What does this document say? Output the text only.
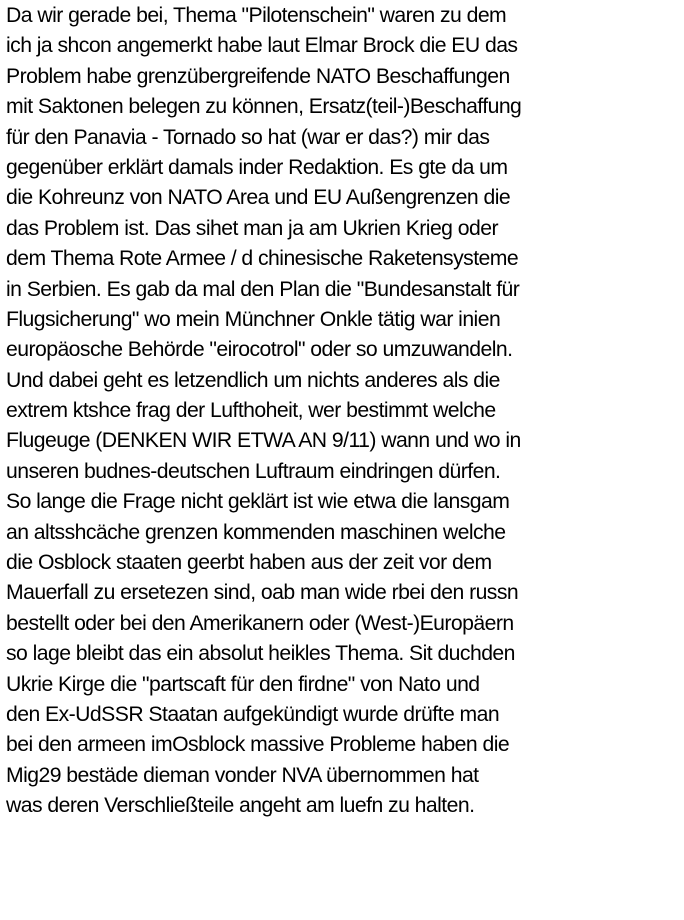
Da wir gerade bei, Thema "Pilotenschein" waren zu dem
ich ja shcon angemerkt habe laut Elmar Brock die EU das
Problem habe grenzübergreifende NATO Beschaffungen
mit Saktonen belegen zu können, Ersatz(teil-)Beschaffung
für den Panavia - Tornado so hat (war er das?) mir das
gegenüber erklärt damals inder Redaktion. Es gte da um
die Kohreunz von NATO Area und EU Außengrenzen die
das Problem ist. Das sihet man ja am Ukrien Krieg oder
dem Thema Rote Armee / d chinesische Raketensysteme
in Serbien. Es gab da mal den Plan die "Bundesanstalt für
Flugsicherung" wo mein Münchner Onkle tätig war inien
europäosche Behörde "eirocotrol" oder so umzuwandeln.
Und dabei geht es letzendlich um nichts anderes als die
extrem ktshce frag der Lufthoheit, wer bestimmt welche
Flugeuge (DENKEN WIR ETWA AN 9/11) wann und wo in
unseren budnes-deutschen Luftraum eindringen dürfen.
So lange die Frage nicht geklärt ist wie etwa die lansgam
an altsshcäche grenzen kommenden maschinen welche
die Osblock staaten geerbt haben aus der zeit vor dem
Mauerfall zu ersetezen sind, oab man wide rbei den russn
bestellt oder bei den Amerikanern oder (West-)Europäern
so lage bleibt das ein absolut heikles Thema. Sit duchden
Ukrie Kirge die "partscaft für den firdne" von Nato und
den Ex-UdSSR Staatan aufgekündigt wurde drüfte man
bei den armeen imOsblock massive Probleme haben die
Mig29 bestäde dieman vonder NVA übernommen hat
was deren Verschließteile angeht am luefn zu halten.
